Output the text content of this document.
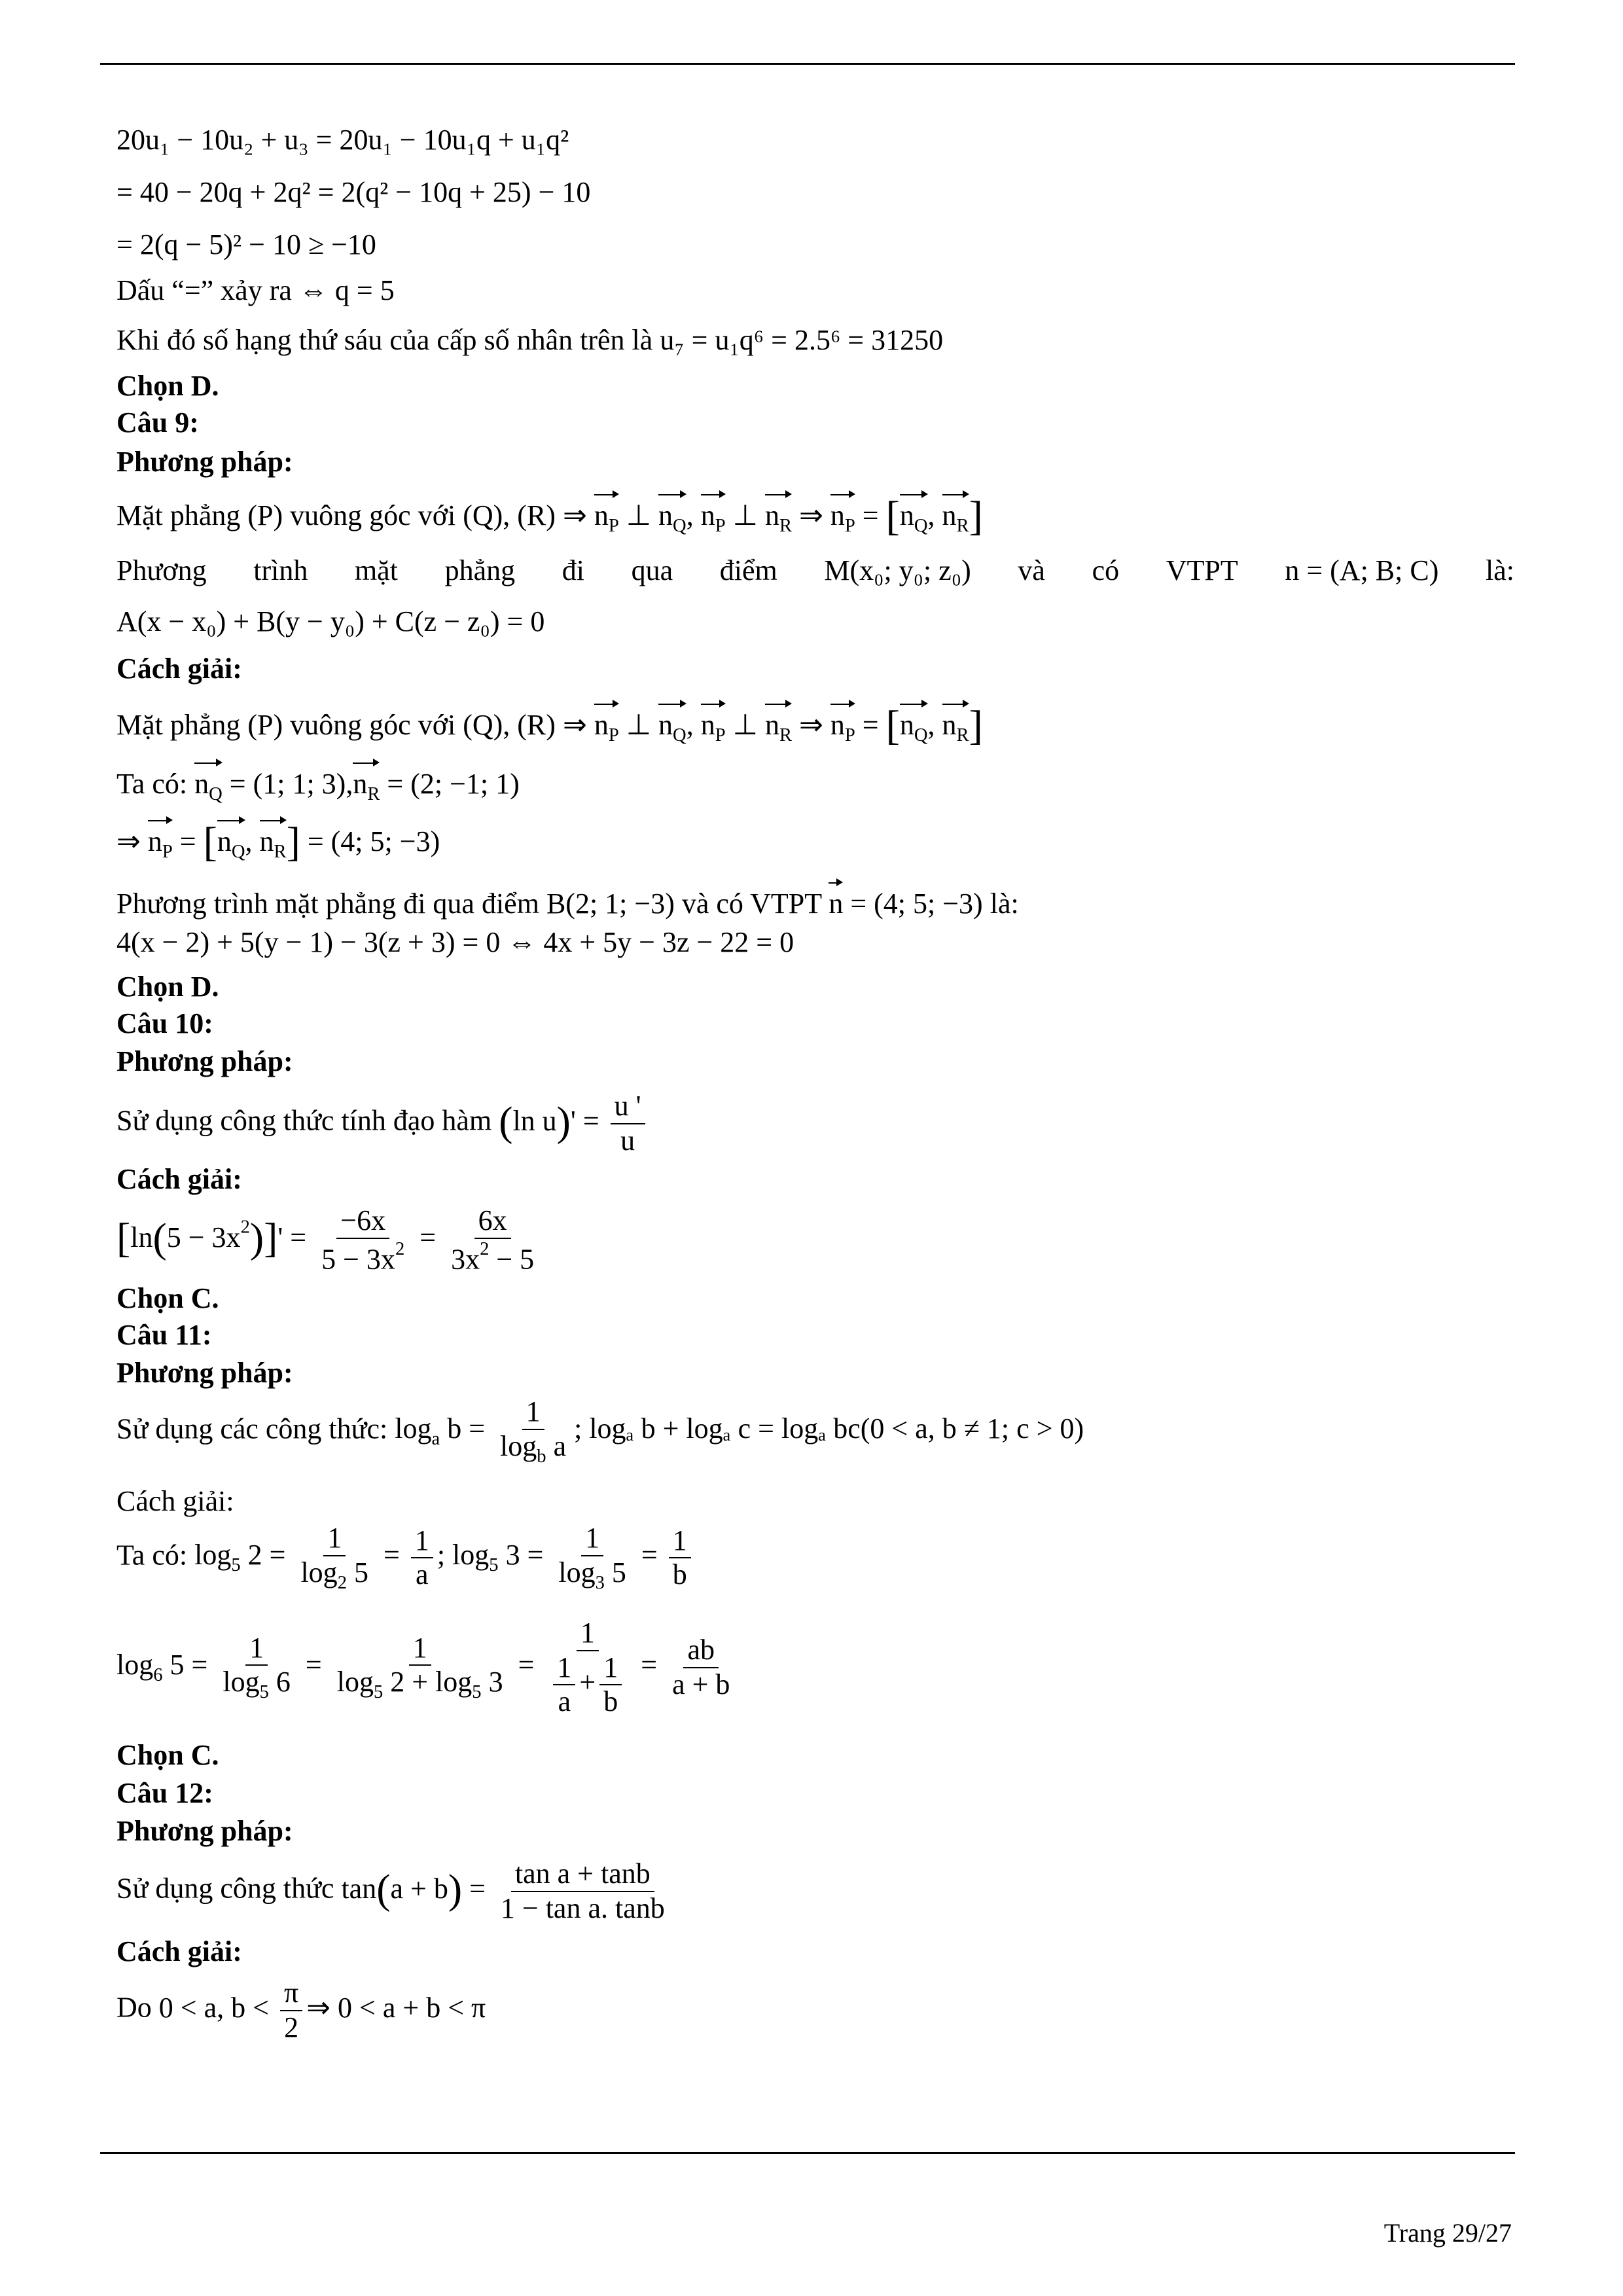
20u₁ − 10u₂ + u₃ = 20u₁ − 10u₁q + u₁q²
= 40 − 20q + 2q² = 2(q² − 10q + 25) − 10
= 2(q − 5)² − 10 ≥ −10
Dấu “=” xảy ra ⇔ q = 5
Khi đó số hạng thứ sáu của cấp số nhân trên là u₇ = u₁q⁶ = 2.5⁶ = 31250
Chọn D.
Câu 9:
Phương pháp:
Mặt phẳng (P) vuông góc với (Q), (R) ⇒ $n_P$ ⊥ $n_Q$, $n_P$ ⊥ $n_R$ ⇒ $n_P = [n_Q$, $n_R$]
Phương trình mặt phẳng đi qua điểm M(x₀; y₀; z₀) và có VTPT n = (A; B; C) là:
A(x − x₀) + B(y − y₀) + C(z − z₀) = 0
Cách giải:
Mặt phẳng (P) vuông góc với (Q), (R) ⇒ $n_P$ ⊥ $n_Q$, $n_P$ ⊥ $n_R$ ⇒ $n_P = [n_Q$, $n_R$]
Ta có: $n_Q = (1$; 1; $3),n_R = (2$; −1; 1)
⇒ $n_P = [n_Q$, $n_R] = (4$; 5; −3)
Phương trình mặt phẳng đi qua điểm B(2; 1; −3) và có VTPT n = (4; 5; −3) là:
4(x − 2) + 5(y − 1) − 3(z + 3) = 0 ⇔ 4x + 5y − 3z − 22 = 0
Chọn D.
Câu 10:
Phương pháp:
Sử dụng công thức tính đạo hàm (ln $u)' = \frac{u '}{u}$
Cách giải:
$[\ln(5 - 3x^2)]' = \frac{-6x}{5 - 3x^2} = \frac{6x}{3x^2 - 5}$
Chọn C.
Câu 11:
Phương pháp:
Sử dụng các công thức: $\log_a b = \frac{1}{\log_b a}$ ; logₐ b + logₐ c = logₐ bc(0 < a, b ≠ 1; c > 0)
Cách giải:
Ta có: $\log_5 2 = \frac{1}{\log_2 5} = \frac{1}{a}$ ; $\log_5 3 = \frac{1}{\log_3 5} = \frac{1}{b}$
$\log_6 5 = \frac{1}{\log_5 6} = \frac{1}{\log_5 2 + \log_5 3} = \frac{1}{\frac{1}{a} + \frac{1}{b}} = \frac{ab}{a + b}$
Chọn C.
Câu 12:
Phương pháp:
Sử dụng công thức $\tan(a + b) = \frac{\text{tan a + tanb}}{\text{1 − tan a. tanb}}$
Cách giải:
Do 0 < a, $b < \frac{\pi}{2}$ ⇒ 0 < a + b < π
Trang 29/27
